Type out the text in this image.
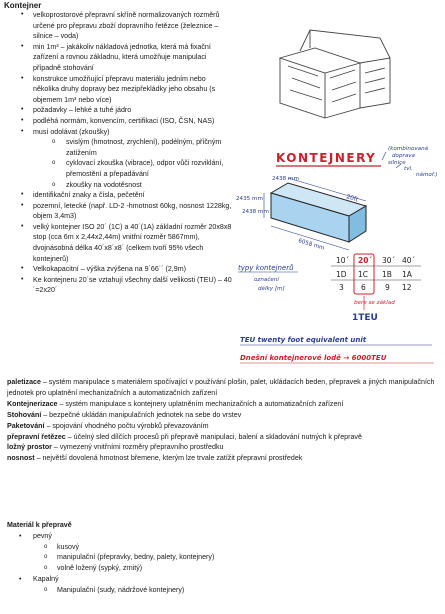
Kontejner
• velkoprostorové přepravní skříně normalizovaných rozměrů určené pro přepravu zboží dopravního řetězce (železnice – silnice – voda)
• min 1m³ – jakákoliv nákladová jednotka, která má fixační zařízení a rovnou základnu, která umožňuje manipulaci případně stohování
• konstrukce umožňující přepravu materiálu jedním nebo několika druhy dopravy bez mezipřekládky jeho obsahu (s objemem 1m³ nebo více)
• požadavky – lehké a tuhé jádro
• podléhá normám, konvencím, certifikaci (ISO, ČSN, NAS)
• musí odolávat (zkoušky)
o	svislým (hmotnost, zrychlení), podélným, příčným zatížením
o	cyklovací zkouška (vibrace), odpor vůči rozviklání, přemostění a přepadávání
o	zkoušky na vodotěsnost
• identifikační znaky a čísla, pečetění
• pozemní, letecké (např. LD-2 -hmotnost 60kg, nosnost 1228kg, objem 3,4m3)
• velký kontejner ISO 20´ (1C) a 40´(1A) základní rozměr 20x8x8 stop (cca 6m x 2,44x2,44m) vnitřní rozměr 5867mm), dvojnásobná délka 40´x8´x8´ (celkem tvoří 95% všech kontejnerů)
• Velkokapacitní – výška zvýšena na 9´66´´ (2,9m)
• Ke kontejneru 20´se vztahují všechny další velikosti (TEU) – 40´=2x20´
KONTEJNERY
(kombinovaná
doprava
silnice
tvl.
námoř.)
2438 mm
2435 mm
2438 mm
6058 mm
20ft
typy kontejnerů
označení
délky [m]
10´ 20´ 30´ 40´
1D 1C 1B 1A
3 6	9 12
bere se základ
1TEU
TEU twenty foot equivalent unit
Dnešní kontejnerové lodě → 6000TEU

paletizace – systém manipulace s materiálem spočívající v používání plošin, palet, ukládacích beden, přepravek a jiných manipulačních jednotek pro uplatnění mechanizačních a automatizačních zařízení

Kontejnerizace – systém manipulace s kontejnery uplatněním mechanizačních a automatizačních zařízení

Stohování – bezpečné ukládán manipulačních jednotek na sebe do vrstev

Paketování – spojování vhodného počtu výrobků převazováním

přepravní řetězec – účelný sled dílčích procesů při přepravě manipulaci, balení a skladování nutných k přepravě

ložný prostor – vymezený vnitřními rozměry přepravního prostředku

nosnost – největší dovolená hmotnost břemene, kterým lze trvale zatížit přepravní prostředek

Materiál k přepravě
• pevný
o kusový
o manipulační (přepravky, bedny, palety, kontejnery)
o volně ložený (sypký, zrnitý)
• Kapalný
o Manipulační (sudy, nádržové kontejnery)
